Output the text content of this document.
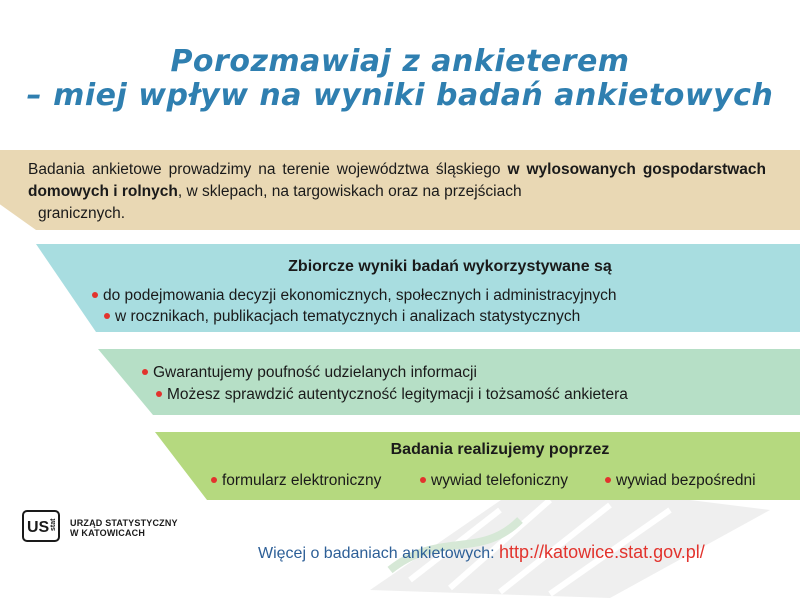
Porozmawiaj z ankieterem
– miej wpływ na wyniki badań ankietowych
Badania ankietowe prowadzimy na terenie województwa śląskiego w wylosowanych gospodarstwach domowych i rolnych, w sklepach, na targowiskach oraz na przejściach
granicznych.
Zbiorcze wyniki badań wykorzystywane są
do podejmowania decyzji ekonomicznych, społecznych i administracyjnych
w rocznikach, publikacjach tematycznych i analizach statystycznych
Gwarantujemy poufność udzielanych informacji
Możesz sprawdzić autentyczność legitymacji i tożsamość ankietera
Badania realizujemy poprzez
formularz elektroniczny	wywiad telefoniczny	wywiad bezpośredni
US stat URZĄD STATYSTYCZNY
W KATOWICACH
Więcej o badaniach ankietowych: http://katowice.stat.gov.pl/
